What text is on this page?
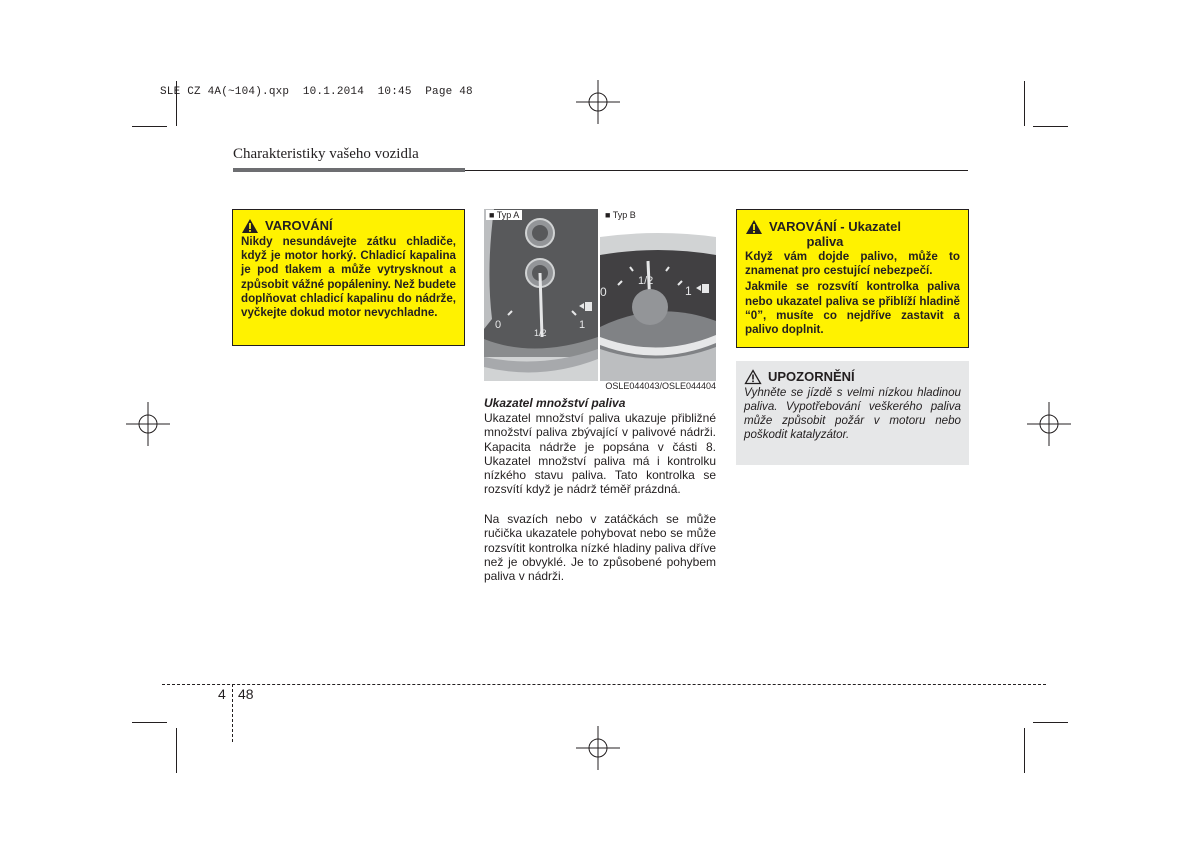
SLE CZ 4A(~104).qxp  10.1.2014  10:45  Page 48
Charakteristiky vašeho vozidla
VAROVÁNÍ
Nikdy nesundávejte zátku chladiče, když je motor horký. Chladicí kapalina je pod tlakem a může vytrysknout a způsobit vážné popáleniny. Než budete doplňovat chladicí kapalinu do nádrže, vyčkejte dokud motor nevychladne.
■ Typ A	■ Typ B
0
1/2
1
0
1/2
1
OSLE044043/OSLE044404
Ukazatel množství paliva
Ukazatel množství paliva ukazuje přibližné množství paliva zbývající v palivové nádrži. Kapacita nádrže je popsána v části 8. Ukazatel množství paliva má i kontrolku nízkého stavu paliva. Tato kontrolka se rozsvítí když je nádrž téměř prázdná.
Na svazích nebo v zatáčkách se může ručička ukazatele pohybovat nebo se může rozsvítit kontrolka nízké hladiny paliva dříve než je obvyklé. Je to způsobené pohybem paliva v nádrži.
VAROVÁNÍ - Ukazatel
paliva
Když vám dojde palivo, může to znamenat pro cestující nebezpečí.
Jakmile se rozsvítí kontrolka paliva nebo ukazatel paliva se přiblíží hladině “0”, musíte co nejdříve zastavit a palivo doplnit.
UPOZORNĚNÍ
Vyhněte se jízdě s velmi nízkou hladinou paliva. Vypotřebování veškerého paliva může způsobit požár v motoru nebo poškodit katalyzátor.
4 48
